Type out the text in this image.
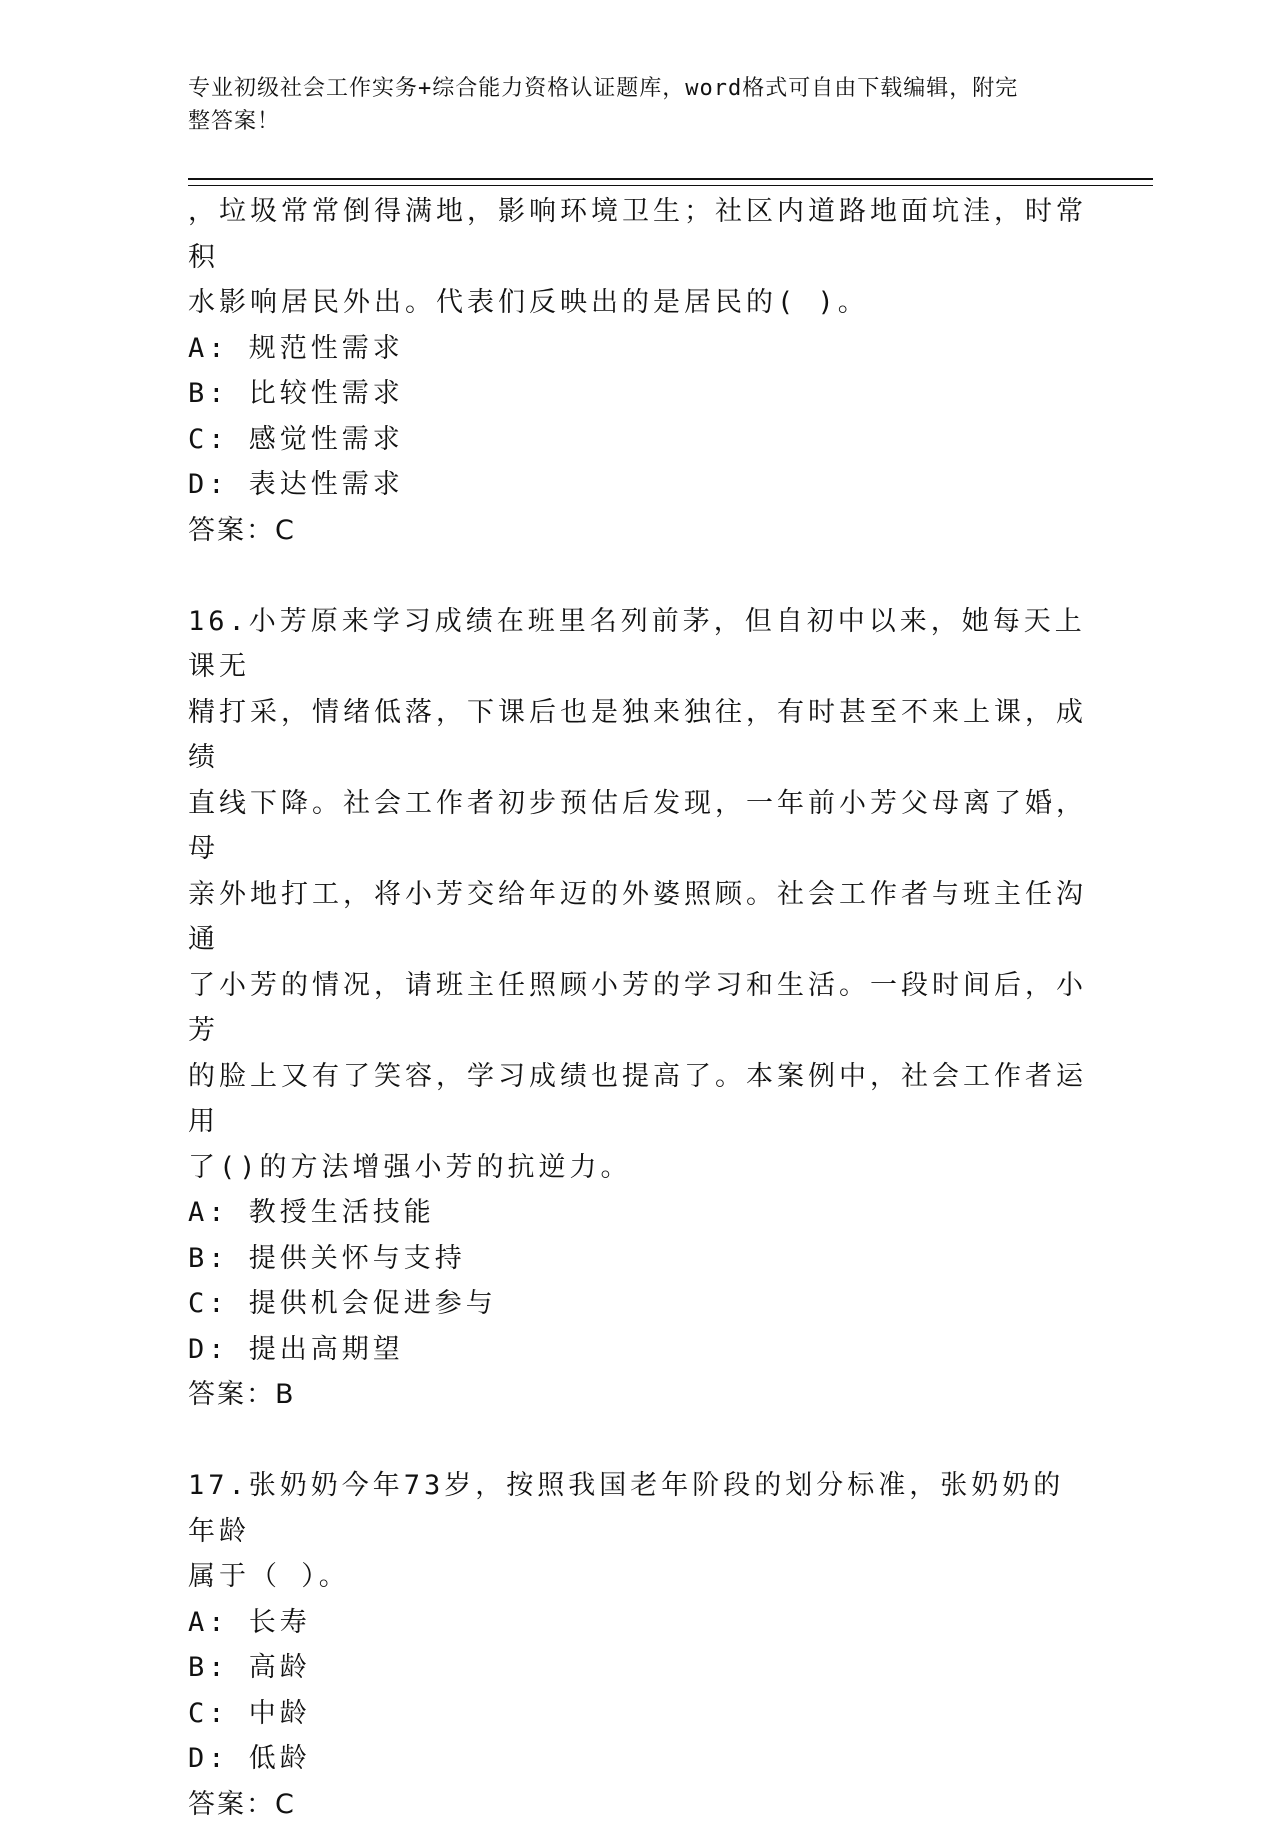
专业初级社会工作实务+综合能力资格认证题库，word格式可自由下载编辑，附完
整答案！

，垃圾常常倒得满地，影响环境卫生；社区内道路地面坑洼，时常积

水影响居民外出。代表们反映出的是居民的( )。

A: 规范性需求

B: 比较性需求

C: 感觉性需求

D: 表达性需求

答案：C

16.小芳原来学习成绩在班里名列前茅，但自初中以来，她每天上课无

精打采，情绪低落，下课后也是独来独往，有时甚至不来上课，成绩

直线下降。社会工作者初步预估后发现，一年前小芳父母离了婚，母

亲外地打工，将小芳交给年迈的外婆照顾。社会工作者与班主任沟通

了小芳的情况，请班主任照顾小芳的学习和生活。一段时间后，小芳

的脸上又有了笑容，学习成绩也提高了。本案例中，社会工作者运用

了()的方法增强小芳的抗逆力。

A: 教授生活技能

B: 提供关怀与支持

C: 提供机会促进参与

D: 提出高期望

答案：B

17.张奶奶今年73岁，按照我国老年阶段的划分标准，张奶奶的年龄

属于（ ）。

A: 长寿

B: 高龄

C: 中龄

D: 低龄

答案：C
